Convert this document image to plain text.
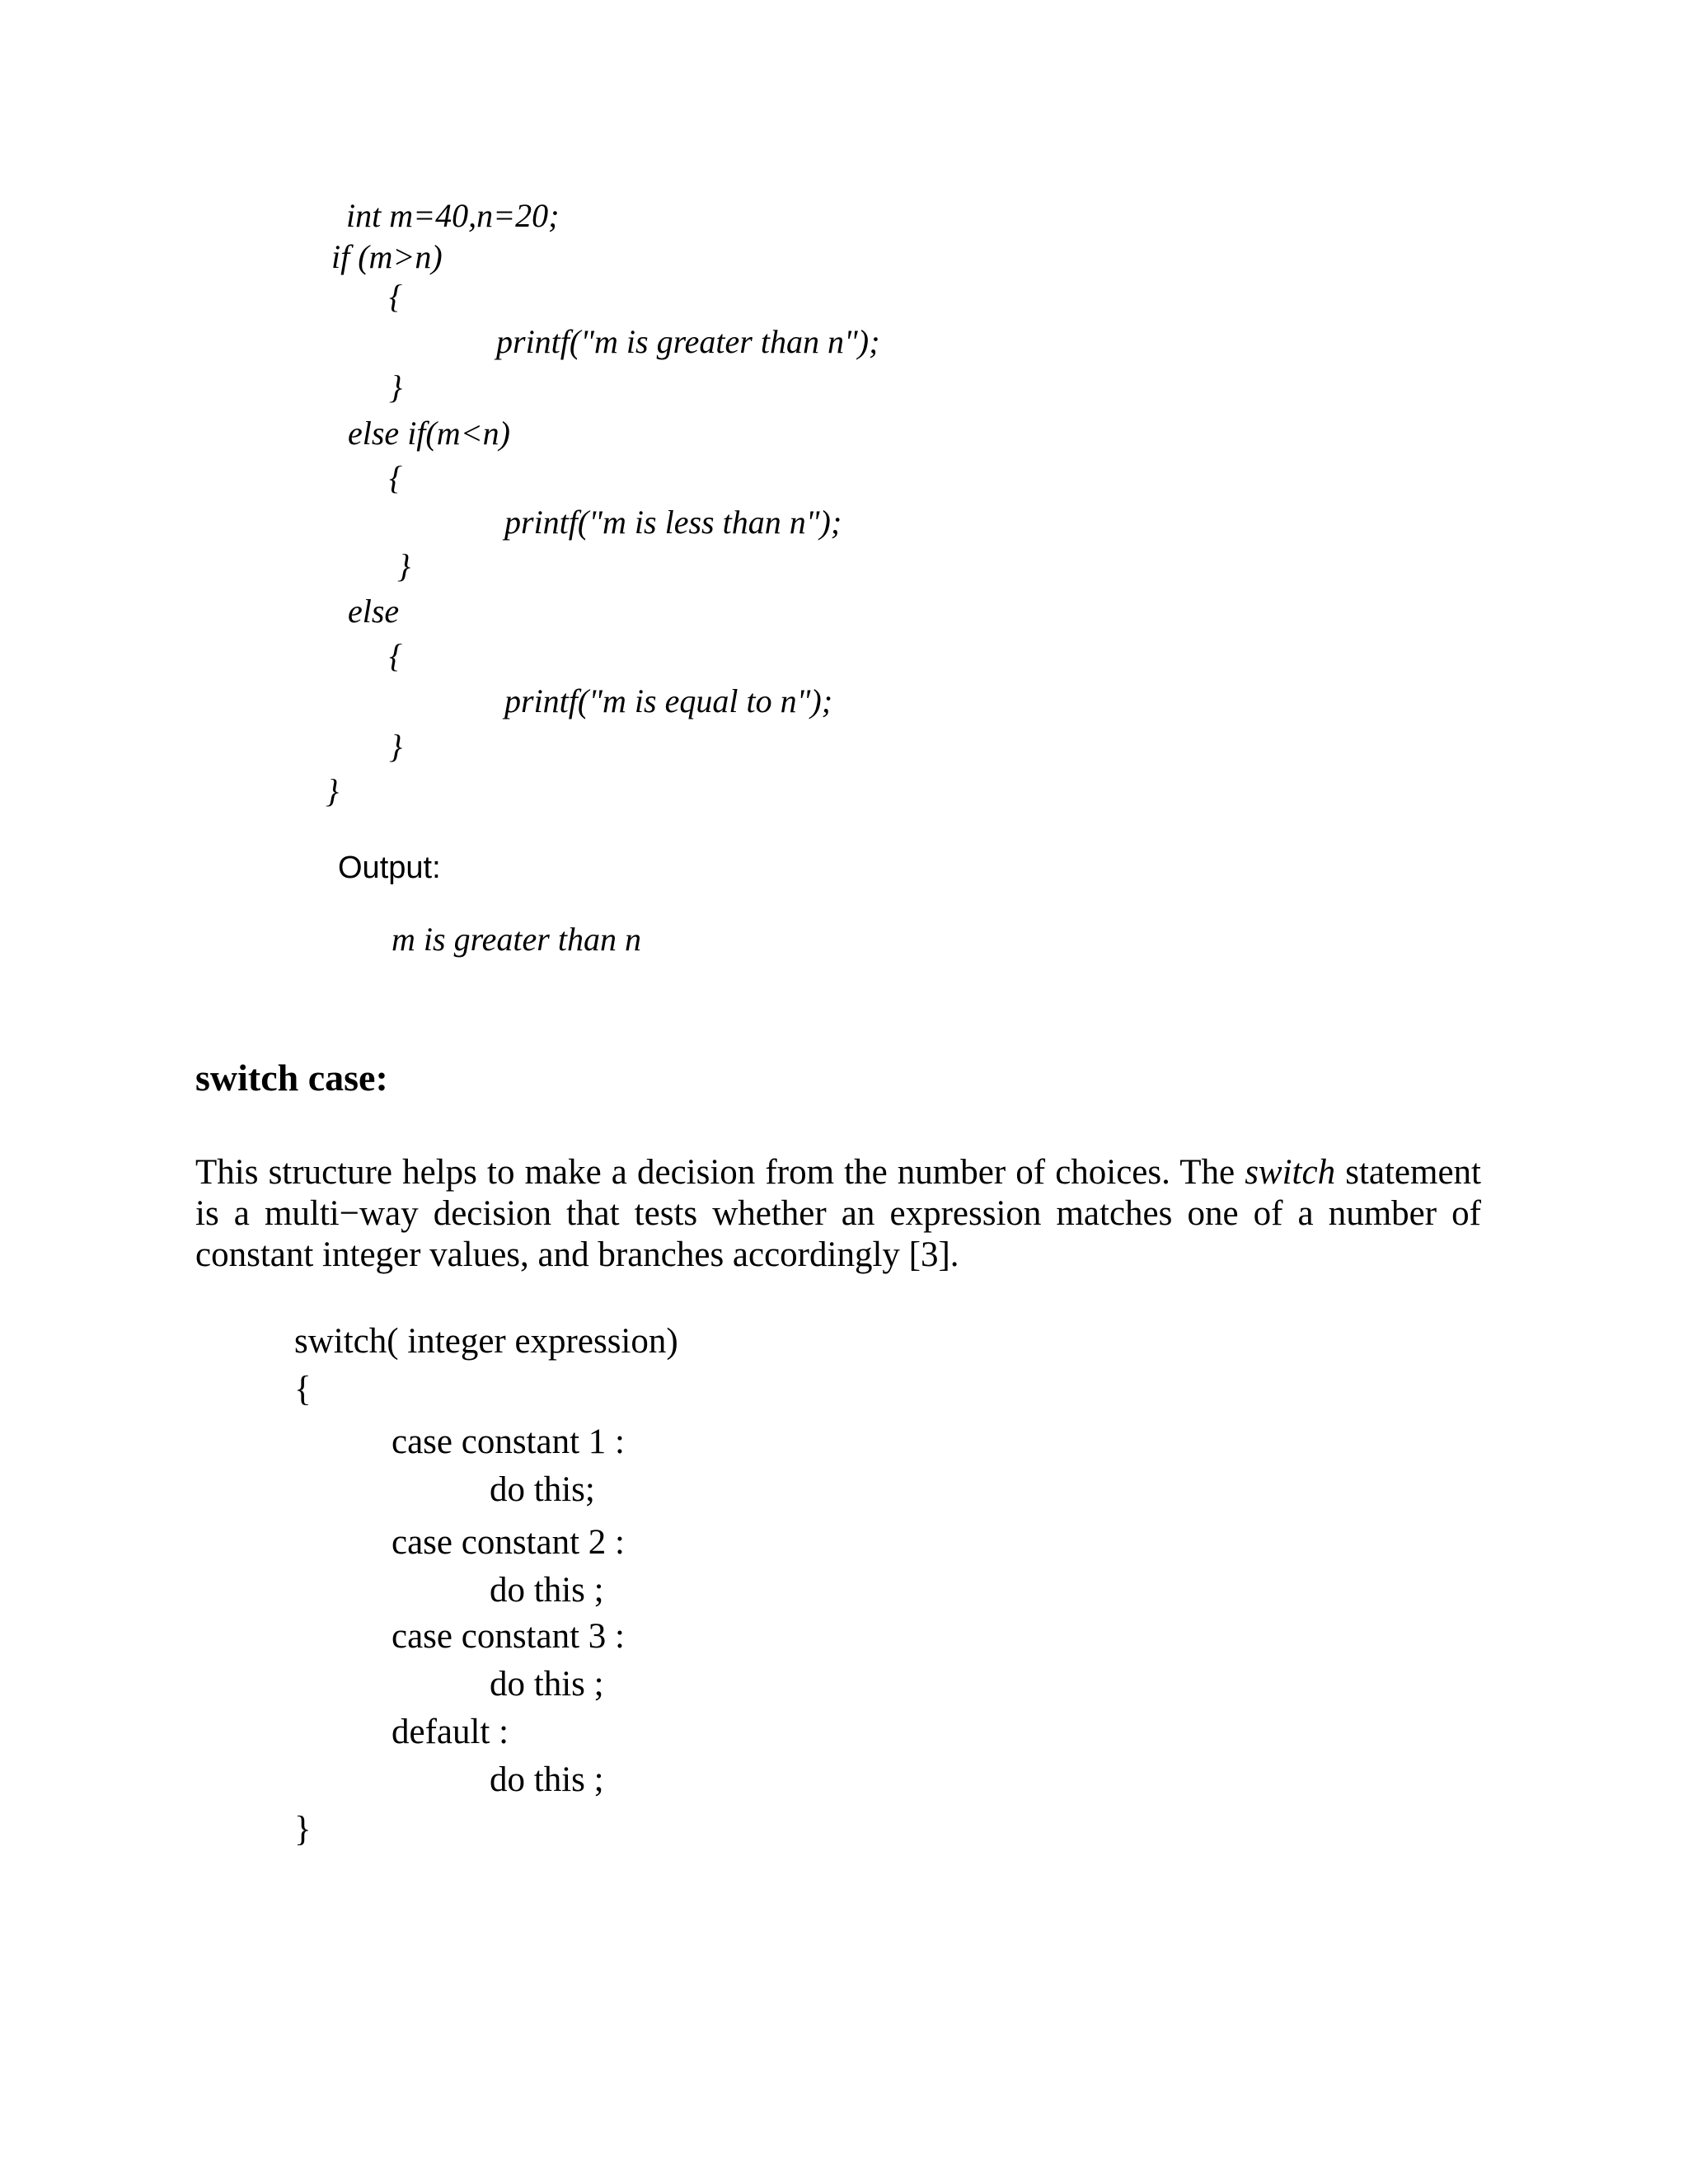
int m=40,n=20;
if (m>n)
{
printf("m is greater than n");
}
else if(m<n)
{
printf("m is less than n");
}
else
{
printf("m is equal to n");
}
}
Output:
m is greater than n
switch case:
This structure helps to make a decision from the number of choices. The switch statement
is a multi−way decision that tests whether an expression matches one of a number of
constant integer values, and branches accordingly [3].
switch( integer expression)
{
case constant 1 :
do this;
case constant 2 :
do this ;
case constant 3 :
do this ;
default :
do this ;
}
